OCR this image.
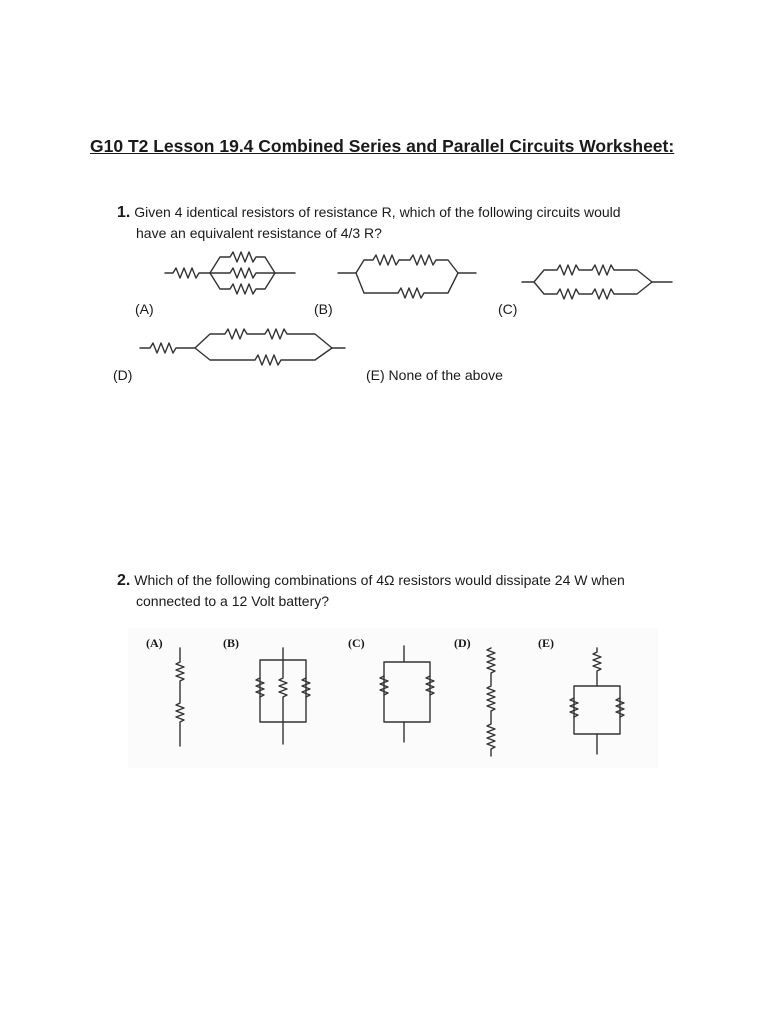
G10 T2 Lesson 19.4 Combined Series and Parallel Circuits Worksheet:
1. Given 4 identical resistors of resistance R, which of the following circuits would
have an equivalent resistance of 4/3 R?
(A)	(B)	(C)
(D)	(E) None of the above
2. Which of the following combinations of 4Ω resistors would dissipate 24 W when
connected to a 12 Volt battery?
(A)	(B)	(C)	(D)	(E)
